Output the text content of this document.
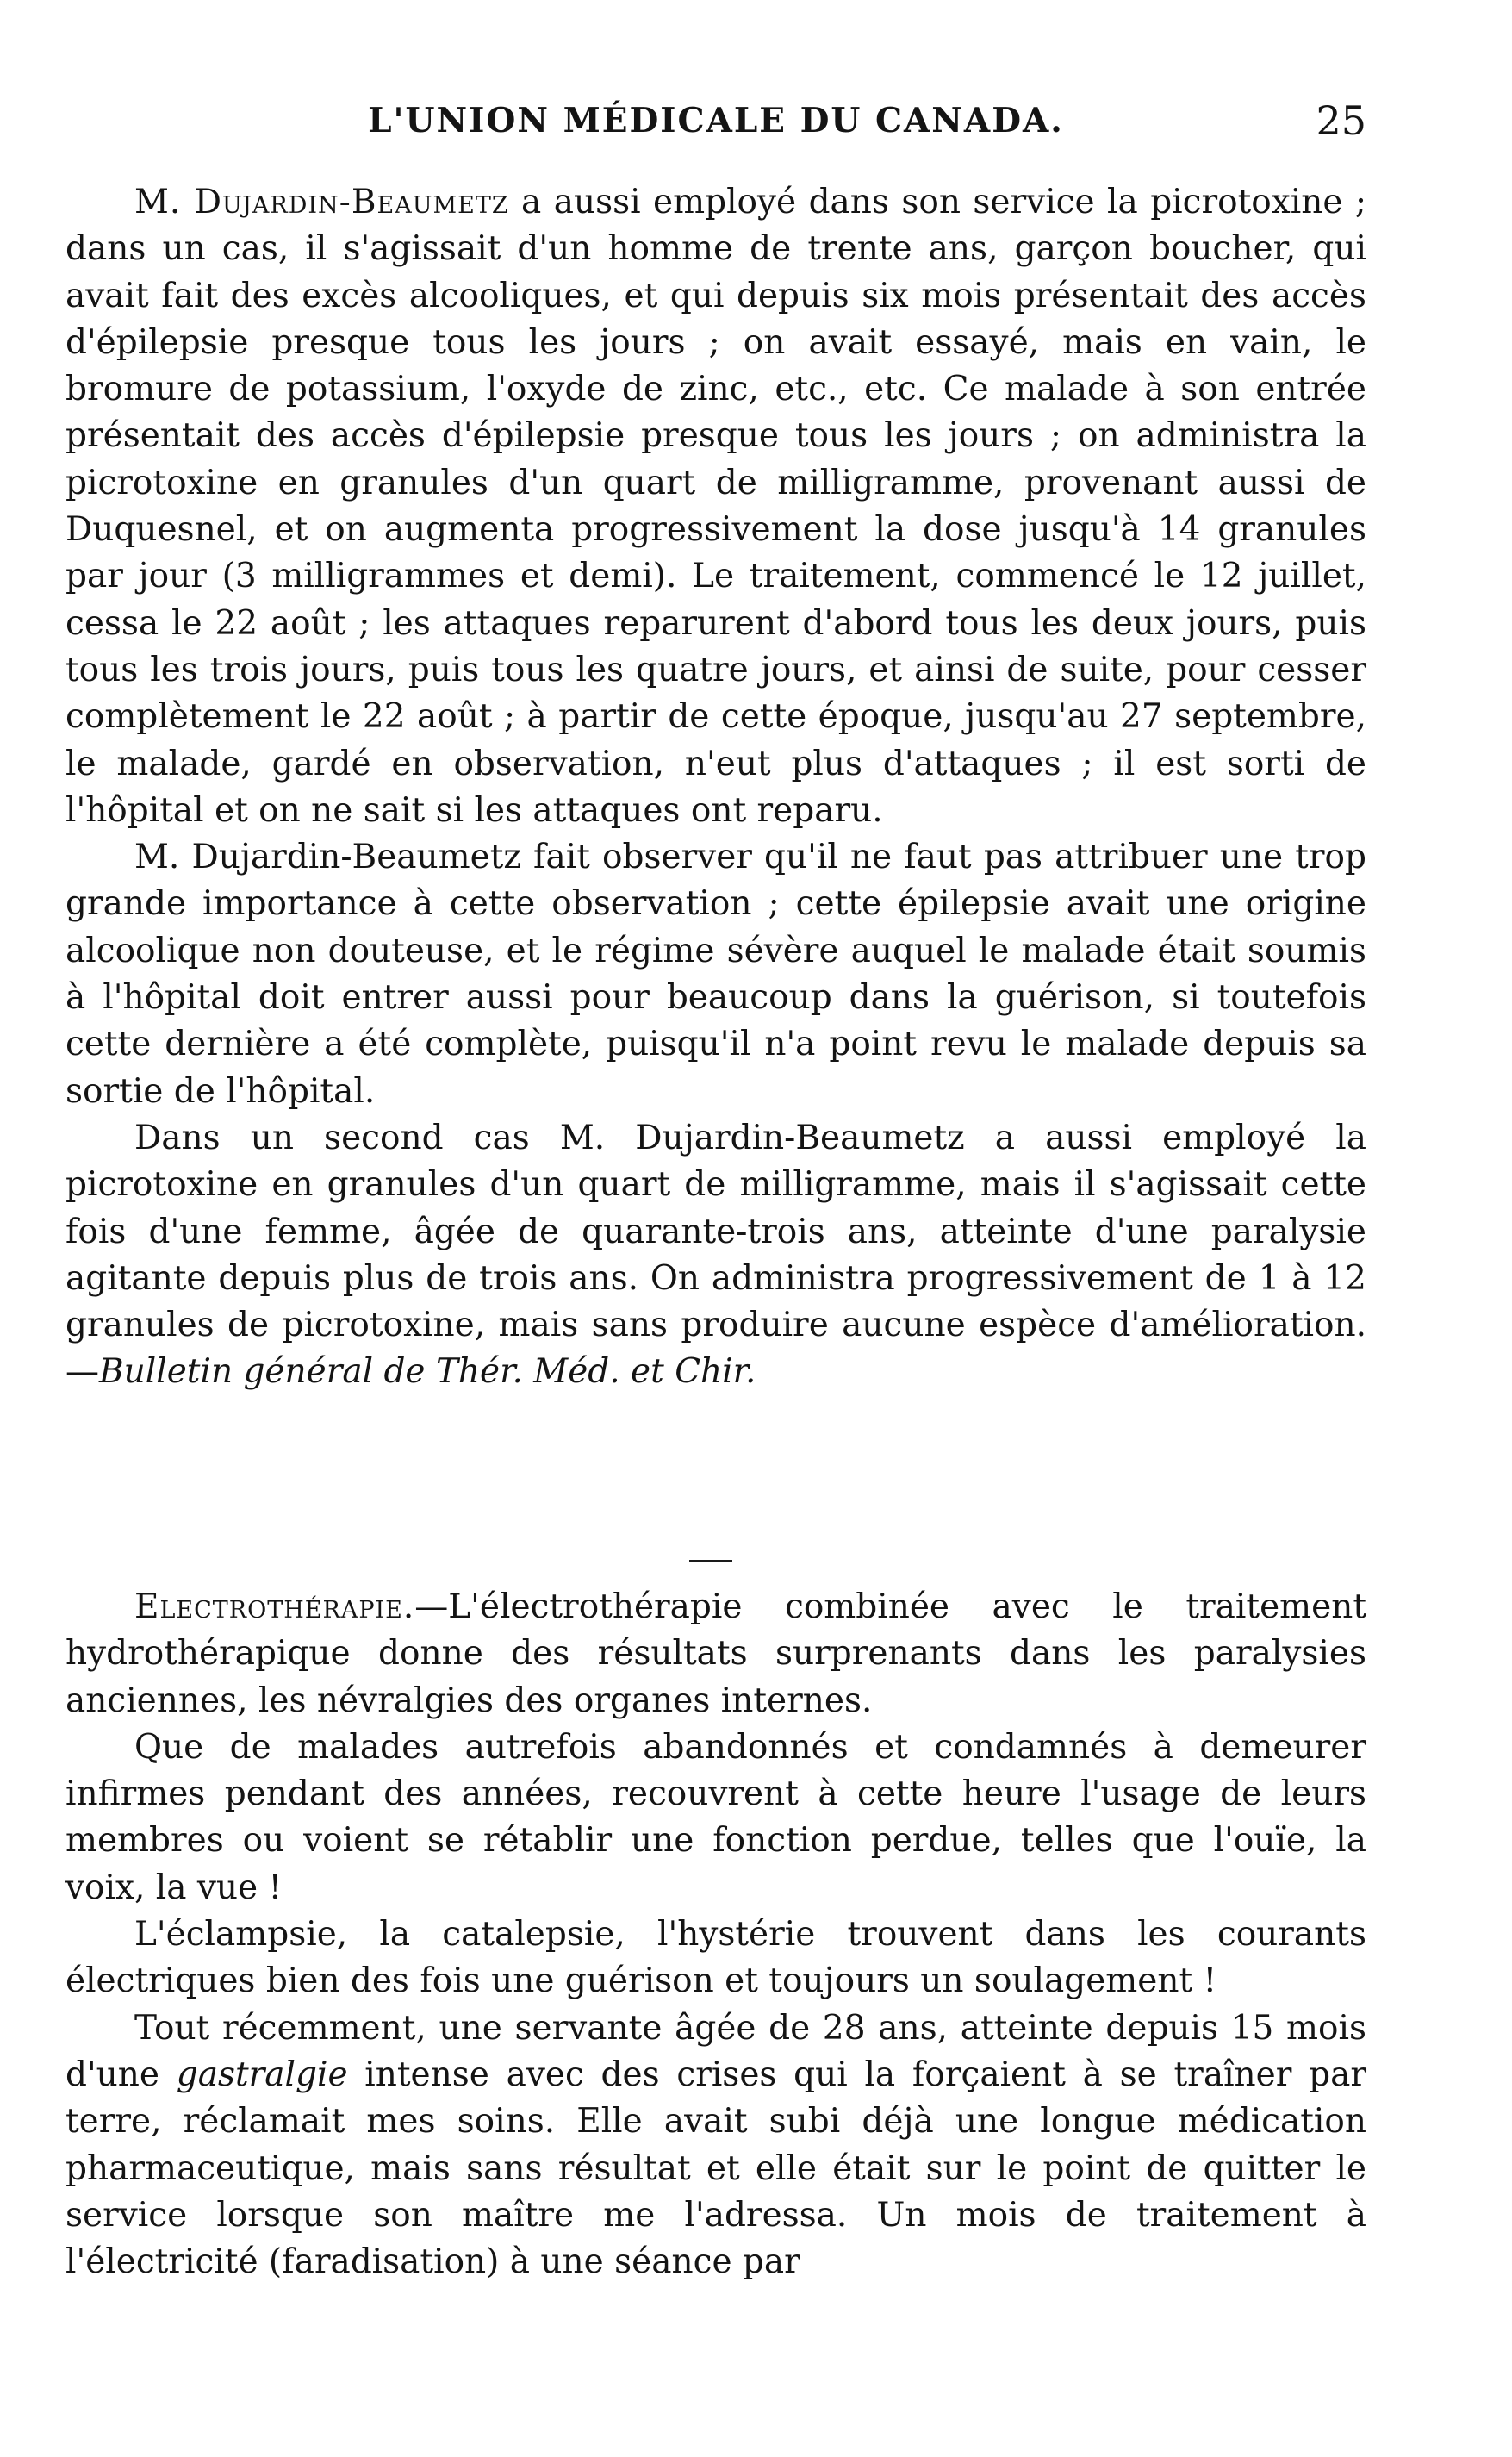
L'UNION MÉDICALE DU CANADA.	25

M. Dujardin-Beaumetz a aussi employé dans son service la picrotoxine ; dans un cas, il s'agissait d'un homme de trente ans, garçon boucher, qui avait fait des excès alcooliques, et qui depuis six mois présentait des accès d'épilepsie presque tous les jours ; on avait essayé, mais en vain, le bromure de potassium, l'oxyde de zinc, etc., etc. Ce malade à son entrée présentait des accès d'épilepsie presque tous les jours ; on administra la picrotoxine en granules d'un quart de milligramme, provenant aussi de Duquesnel, et on augmenta progressivement la dose jusqu'à 14 granules par jour (3 milligrammes et demi). Le traitement, commencé le 12 juillet, cessa le 22 août ; les attaques reparurent d'abord tous les deux jours, puis tous les trois jours, puis tous les quatre jours, et ainsi de suite, pour cesser complètement le 22 août ; à partir de cette époque, jusqu'au 27 septembre, le malade, gardé en observation, n'eut plus d'attaques ; il est sorti de l'hôpital et on ne sait si les attaques ont reparu.

M. Dujardin-Beaumetz fait observer qu'il ne faut pas attribuer une trop grande importance à cette observation ; cette épilepsie avait une origine alcoolique non douteuse, et le régime sévère auquel le malade était soumis à l'hôpital doit entrer aussi pour beaucoup dans la guérison, si toutefois cette dernière a été complète, puisqu'il n'a point revu le malade depuis sa sortie de l'hôpital.

Dans un second cas M. Dujardin-Beaumetz a aussi employé la picrotoxine en granules d'un quart de milligramme, mais il s'agissait cette fois d'une femme, âgée de quarante-trois ans, atteinte d'une paralysie agitante depuis plus de trois ans. On administra progressivement de 1 à 12 granules de picrotoxine, mais sans produire aucune espèce d'amélioration.—Bulletin général de Thér. Méd. et Chir.

Electrothérapie.—L'électrothérapie combinée avec le traitement hydrothérapique donne des résultats surprenants dans les paralysies anciennes, les névralgies des organes internes.

Que de malades autrefois abandonnés et condamnés à demeurer infirmes pendant des années, recouvrent à cette heure l'usage de leurs membres ou voient se rétablir une fonction perdue, telles que l'ouïe, la voix, la vue !

L'éclampsie, la catalepsie, l'hystérie trouvent dans les courants électriques bien des fois une guérison et toujours un soulagement !

Tout récemment, une servante âgée de 28 ans, atteinte depuis 15 mois d'une gastralgie intense avec des crises qui la forçaient à se traîner par terre, réclamait mes soins. Elle avait subi déjà une longue médication pharmaceutique, mais sans résultat et elle était sur le point de quitter le service lorsque son maître me l'adressa. Un mois de traitement à l'électricité (faradisation) à une séance par
